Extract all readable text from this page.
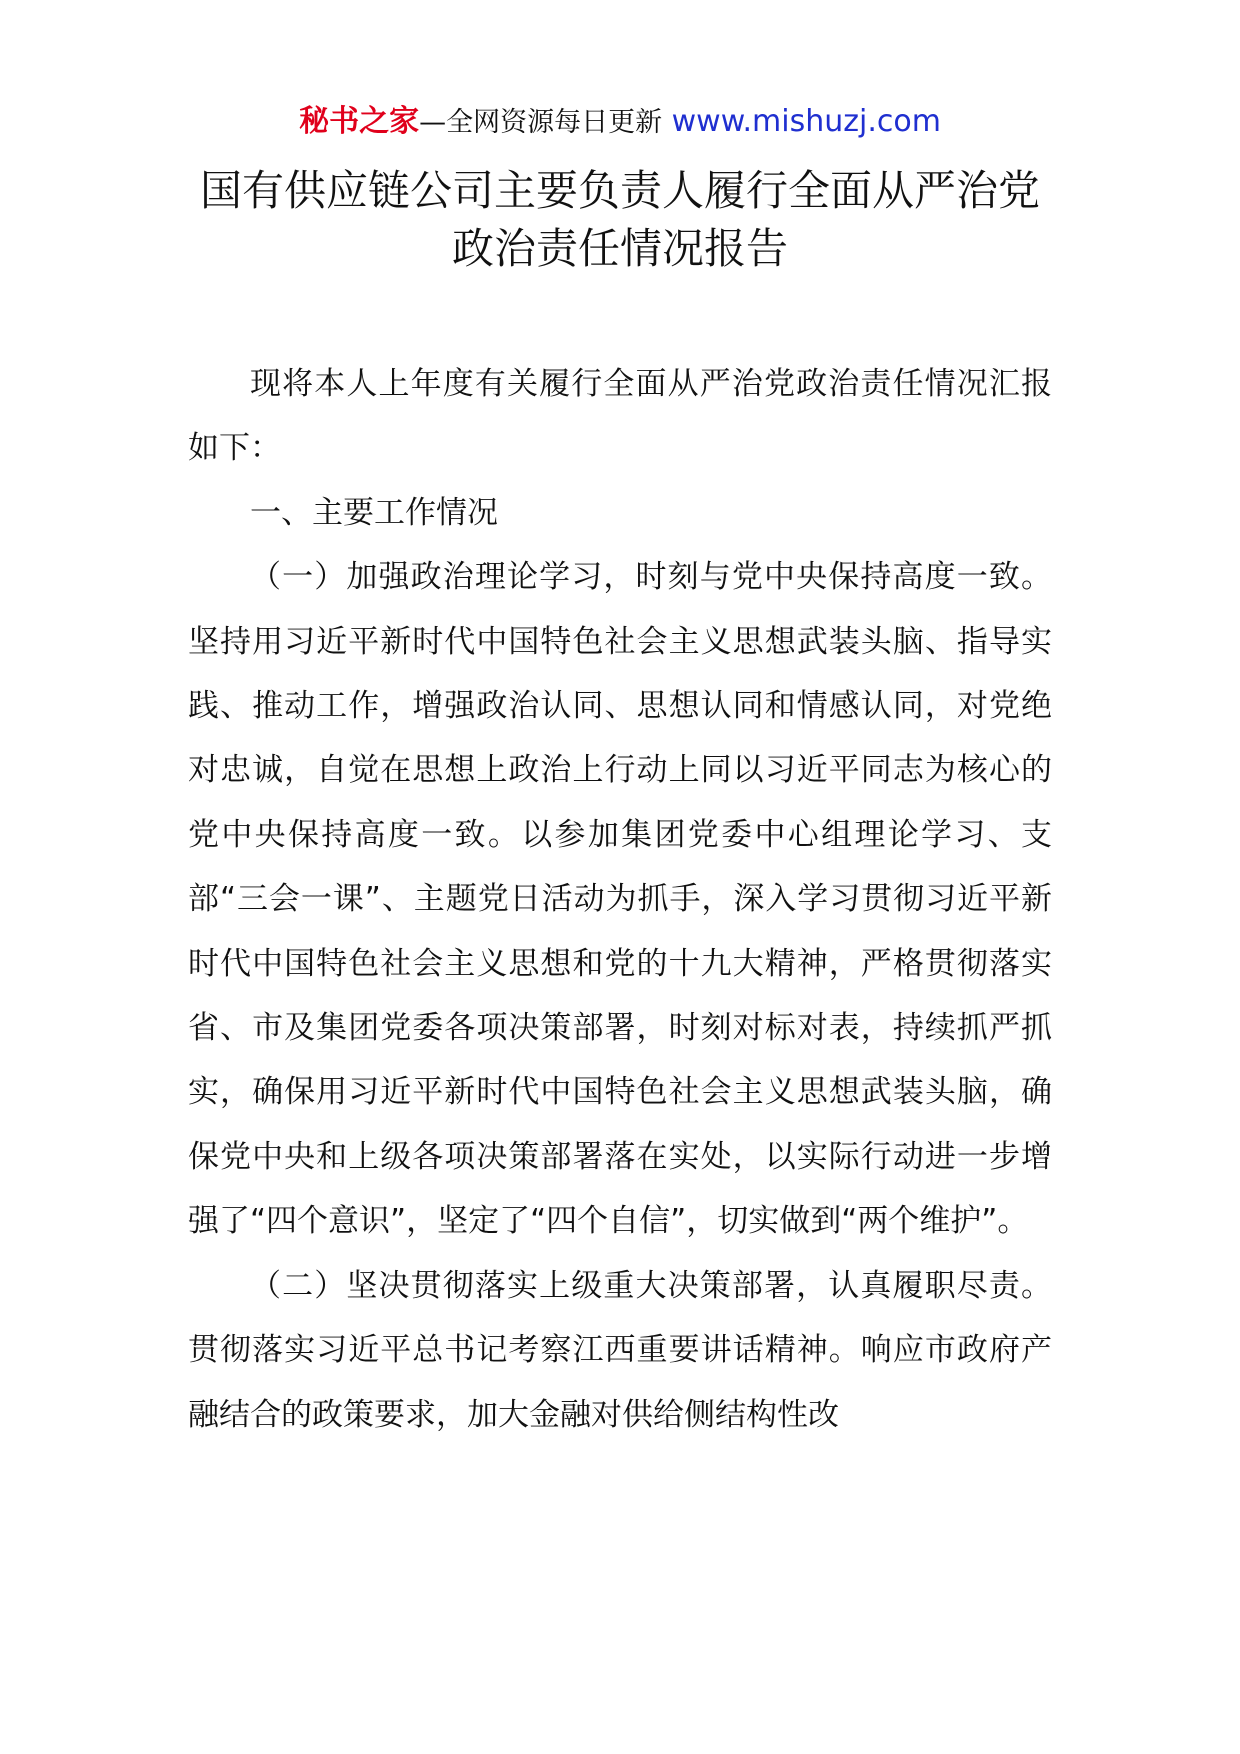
秘书之家—全网资源每日更新 www.mishuzj.com
国有供应链公司主要负责人履行全面从严治党
政治责任情况报告

现将本人上年度有关履行全面从严治党政治责任情况汇报如下：

一、主要工作情况

（一）加强政治理论学习，时刻与党中央保持高度一致。坚持用习近平新时代中国特色社会主义思想武装头脑、指导实践、推动工作，增强政治认同、思想认同和情感认同，对党绝对忠诚，自觉在思想上政治上行动上同以习近平同志为核心的党中央保持高度一致。以参加集团党委中心组理论学习、支部“三会一课”、主题党日活动为抓手，深入学习贯彻习近平新时代中国特色社会主义思想和党的十九大精神，严格贯彻落实省、市及集团党委各项决策部署，时刻对标对表，持续抓严抓实，确保用习近平新时代中国特色社会主义思想武装头脑，确保党中央和上级各项决策部署落在实处，以实际行动进一步增强了“四个意识”，坚定了“四个自信”，切实做到“两个维护”。

（二）坚决贯彻落实上级重大决策部署，认真履职尽责。贯彻落实习近平总书记考察江西重要讲话精神。响应市政府产融结合的政策要求，加大金融对供给侧结构性改
